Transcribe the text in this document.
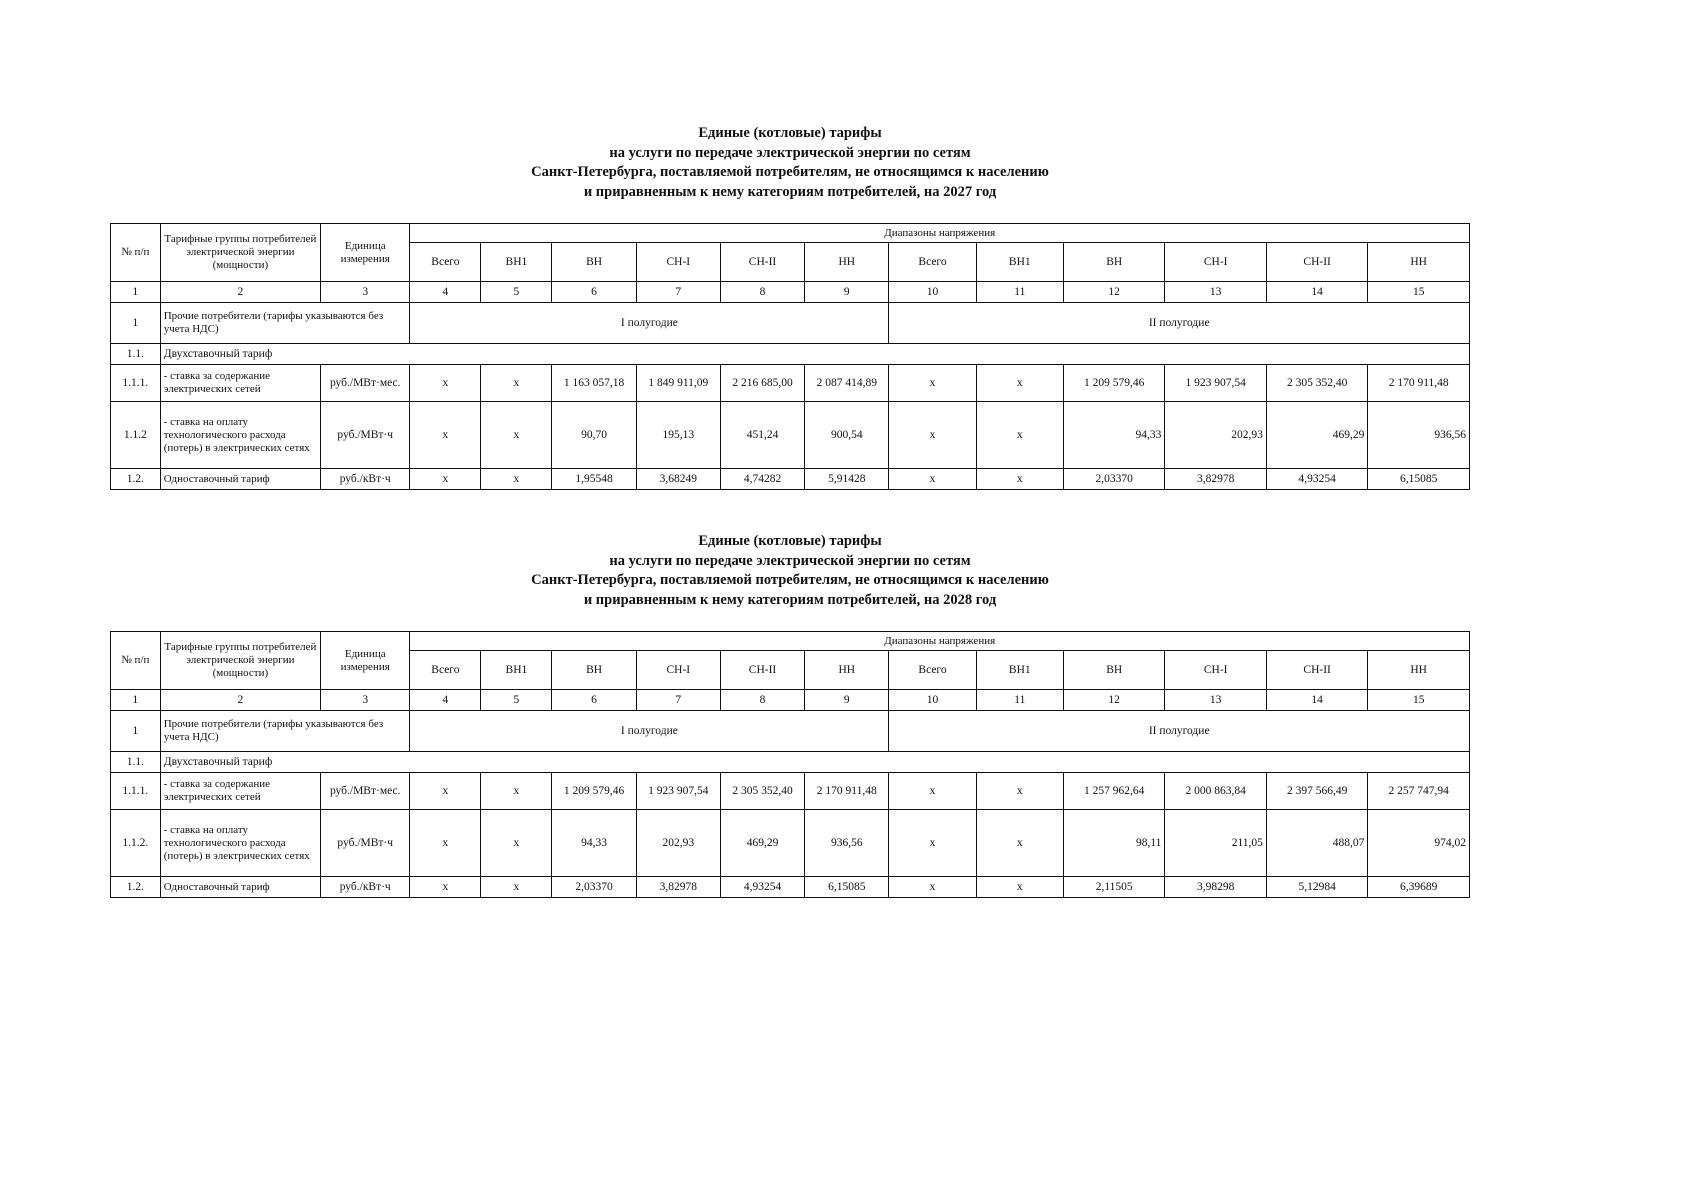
Единые (котловые) тарифы
на услуги по передаче электрической энергии по сетям
Санкт-Петербурга, поставляемой потребителям, не относящимся к населению
и приравненным к нему категориям потребителей, на 2027 год
№ п/п	Тарифные группы потребителей электрической энергии (мощности)	Единица измерения	Диапазоны напряжения											
			Всего	ВН1	ВН	СН-I	СН-II	НН	Всего	ВН1	ВН	СН-I	СН-II	НН
1	2	3	4	5	6	7	8	9	10	11	12	13	14	15
1	Прочие потребители (тарифы указываются без учета НДС)		I полугодие						II полугодие					
1.1.	Двухставочный тариф													
1.1.1.	- ставка за содержание электрических сетей	руб./МВт·мес.	х	х	1 163 057,18	1 849 911,09	2 216 685,00	2 087 414,89	х	х	1 209 579,46	1 923 907,54	2 305 352,40	2 170 911,48
1.1.2	- ставка на оплату технологического расхода (потерь) в электрических сетях	руб./МВт·ч	х	х	90,70	195,13	451,24	900,54	х	х	94,33	202,93	469,29	936,56
1.2.	Одноставочный тариф	руб./кВт·ч	х	х	1,95548	3,68249	4,74282	5,91428	х	х	2,03370	3,82978	4,93254	6,15085
Единые (котловые) тарифы
на услуги по передаче электрической энергии по сетям
Санкт-Петербурга, поставляемой потребителям, не относящимся к населению
и приравненным к нему категориям потребителей, на 2028 год
№ п/п	Тарифные группы потребителей электрической энергии (мощности)	Единица измерения	Диапазоны напряжения											
			Всего	ВН1	ВН	СН-I	СН-II	НН	Всего	ВН1	ВН	СН-I	СН-II	НН
1	2	3	4	5	6	7	8	9	10	11	12	13	14	15
1	Прочие потребители (тарифы указываются без учета НДС)		I полугодие						II полугодие					
1.1.	Двухставочный тариф													
1.1.1.	- ставка за содержание электрических сетей	руб./МВт·мес.	х	х	1 209 579,46	1 923 907,54	2 305 352,40	2 170 911,48	х	х	1 257 962,64	2 000 863,84	2 397 566,49	2 257 747,94
1.1.2.	- ставка на оплату технологического расхода (потерь) в электрических сетях	руб./МВт·ч	х	х	94,33	202,93	469,29	936,56	х	х	98,11	211,05	488,07	974,02
1.2.	Одноставочный тариф	руб./кВт·ч	х	х	2,03370	3,82978	4,93254	6,15085	х	х	2,11505	3,98298	5,12984	6,39689
